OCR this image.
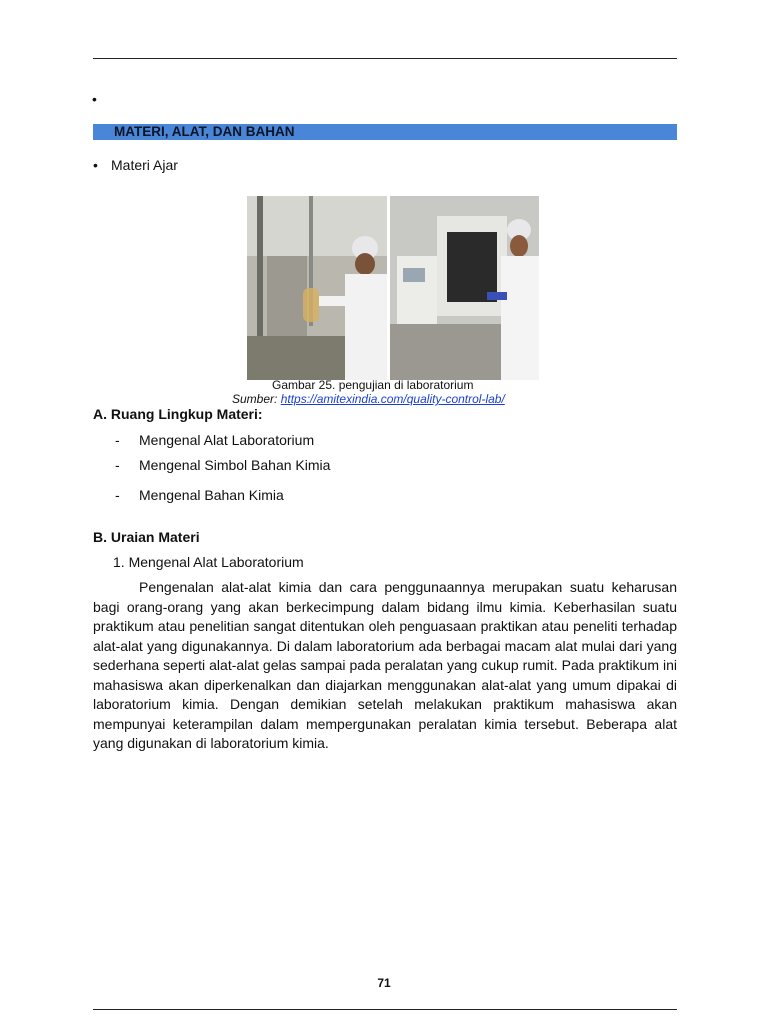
•
MATERI, ALAT, DAN BAHAN
• Materi Ajar
Gambar 25. pengujian di laboratorium
Sumber: https://amitexindia.com/quality-control-lab/
A. Ruang Lingkup Materi:
- Mengenal Alat Laboratorium
- Mengenal Simbol Bahan Kimia
- Mengenal Bahan Kimia
B. Uraian Materi
1. Mengenal Alat Laboratorium
Pengenalan alat-alat kimia dan cara penggunaannya merupakan suatu keharusan bagi orang-orang yang akan berkecimpung dalam bidang ilmu kimia. Keberhasilan suatu praktikum atau penelitian sangat ditentukan oleh penguasaan praktikan atau peneliti terhadap alat-alat yang digunakannya. Di dalam laboratorium ada berbagai macam alat mulai dari yang sederhana seperti alat-alat gelas sampai pada peralatan yang cukup rumit. Pada praktikum ini mahasiswa akan diperkenalkan dan diajarkan menggunakan alat-alat yang umum dipakai di laboratorium kimia. Dengan demikian setelah melakukan praktikum mahasiswa akan mempunyai keterampilan dalam mempergunakan peralatan kimia tersebut. Beberapa alat yang digunakan di laboratorium kimia.
71
